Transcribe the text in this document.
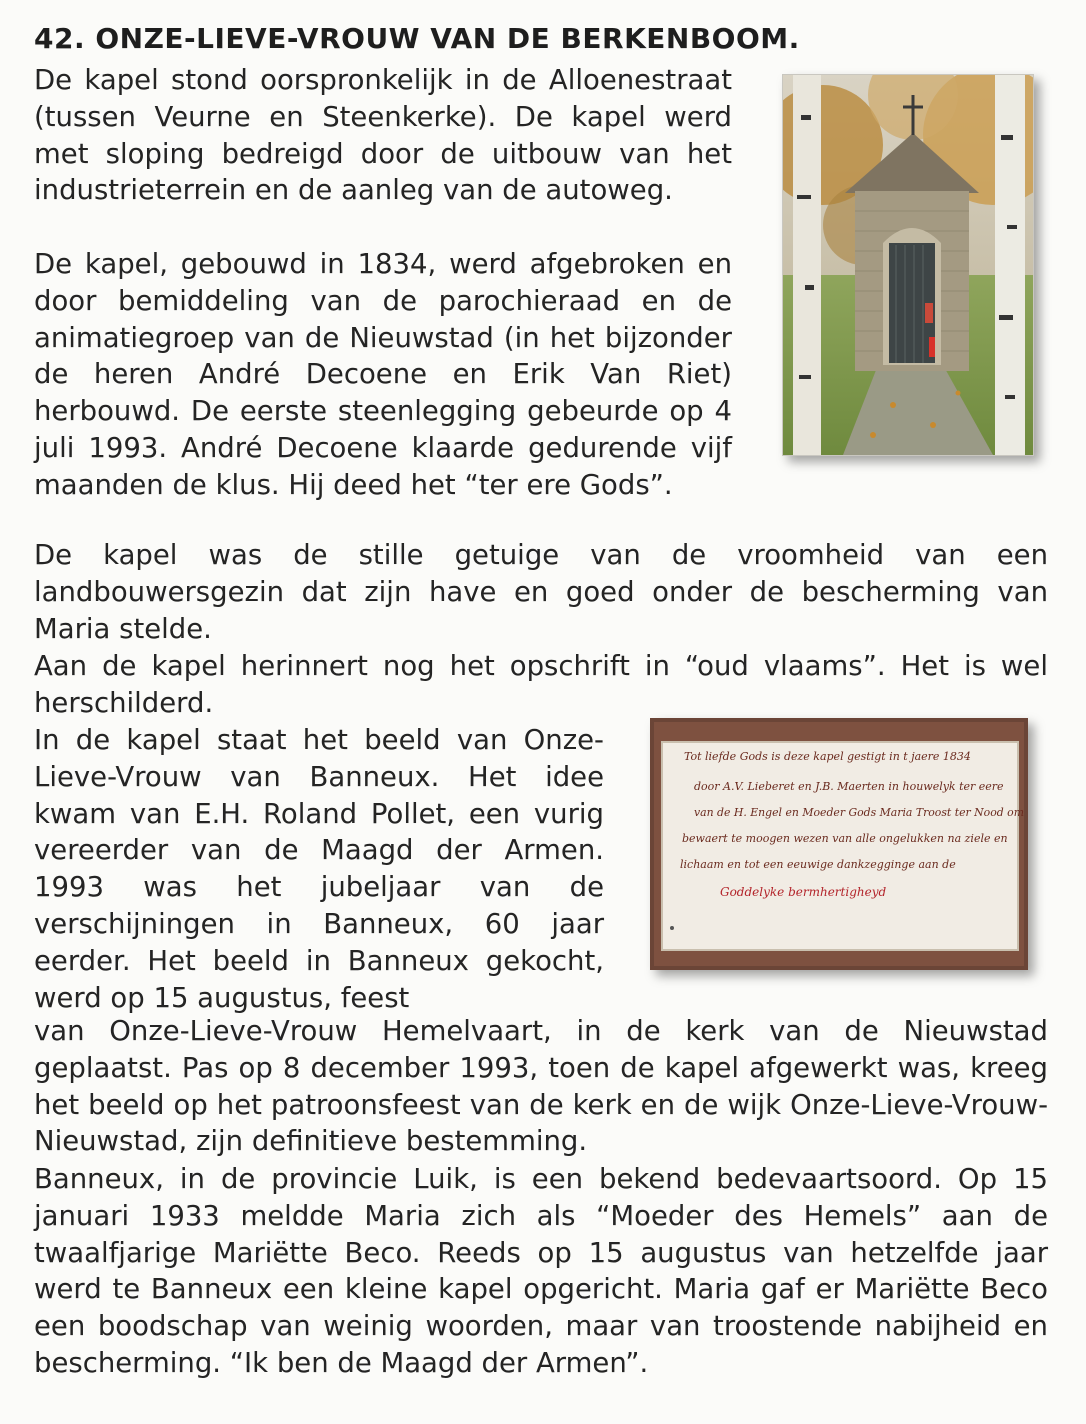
42. ONZE-LIEVE-VROUW VAN DE BERKENBOOM.

De kapel stond oorspronkelijk in de Alloenestraat (tussen Veurne en Steenkerke). De kapel werd met sloping bedreigd door de uitbouw van het industrieterrein en de aanleg van de autoweg.

De kapel, gebouwd in 1834, werd afgebroken en door bemiddeling van de parochieraad en de animatiegroep van de Nieuwstad (in het bijzonder de heren André Decoene en Erik Van Riet) herbouwd. De eerste steenlegging gebeurde op 4 juli 1993. André Decoene klaarde gedurende vijf maanden de klus. Hij deed het “ter ere Gods”.

De kapel was de stille getuige van de vroomheid van een landbouwersgezin dat zijn have en goed onder de bescherming van Maria stelde.

Aan de kapel herinnert nog het opschrift in “oud vlaams”. Het is wel herschilderd.

In de kapel staat het beeld van Onze-Lieve-Vrouw van Banneux. Het idee kwam van E.H. Roland Pollet, een vurig vereerder van de Maagd der Armen. 1993 was het jubeljaar van de verschijningen in Banneux, 60 jaar eerder. Het beeld in Banneux gekocht, werd op 15 augustus, feest

van Onze-Lieve-Vrouw Hemelvaart, in de kerk van de Nieuwstad geplaatst. Pas op 8 december 1993, toen de kapel afgewerkt was, kreeg het beeld op het patroonsfeest van de kerk en de wijk Onze-Lieve-Vrouw-Nieuwstad, zijn definitieve bestemming.

Banneux, in de provincie Luik, is een bekend bedevaartsoord. Op 15 januari 1933 meldde Maria zich als “Moeder des Hemels” aan de twaalfjarige Mariëtte Beco. Reeds op 15 augustus van hetzelfde jaar werd te Banneux een kleine kapel opgericht. Maria gaf er Mariëtte Beco een boodschap van weinig woorden, maar van troostende nabijheid en bescherming. “Ik ben de Maagd der Armen”.

Tot liefde Gods is deze kapel gestigt in t jaere 1834
door A.V. Lieberet en J.B. Maerten in houwelyk ter eere
van de H. Engel en Moeder Gods Maria Troost ter Nood om
bewaert te moogen wezen van alle ongelukken na ziele en
lichaam en tot een eeuwige dankzegginge aan de
Goddelyke bermhertigheyd
